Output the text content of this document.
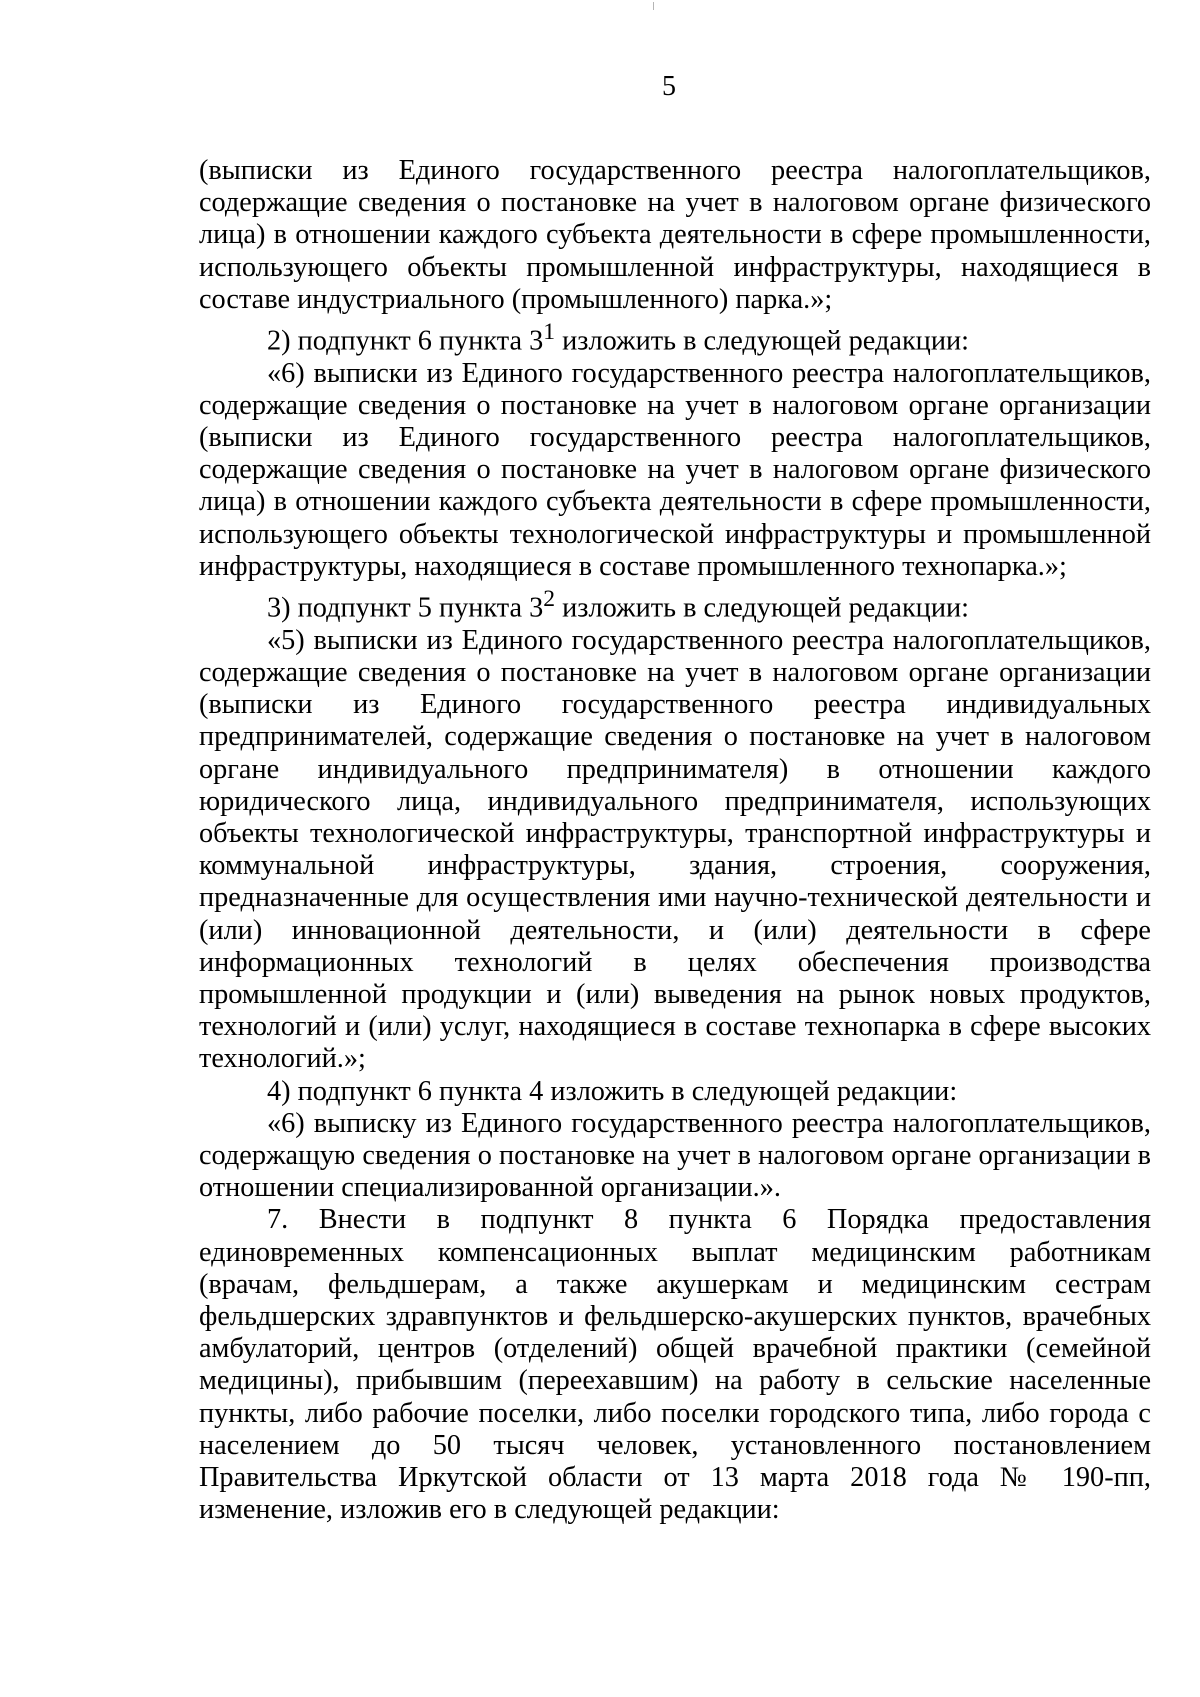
5

(выписки из Единого государственного реестра налогоплательщиков, содержащие сведения о постановке на учет в налоговом органе физического лица) в отношении каждого субъекта деятельности в сфере промышленности, использующего объекты промышленной инфраструктуры, находящиеся в составе индустриального (промышленного) парка.»;

2) подпункт 6 пункта $3^1$ изложить в следующей редакции:

«6) выписки из Единого государственного реестра налогоплательщиков, содержащие сведения о постановке на учет в налоговом органе организации (выписки из Единого государственного реестра налогоплательщиков, содержащие сведения о постановке на учет в налоговом органе физического лица) в отношении каждого субъекта деятельности в сфере промышленности, использующего объекты технологической инфраструктуры и промышленной инфраструктуры, находящиеся в составе промышленного технопарка.»;

3) подпункт 5 пункта $3^2$ изложить в следующей редакции:

«5) выписки из Единого государственного реестра налогоплательщиков, содержащие сведения о постановке на учет в налоговом органе организации (выписки из Единого государственного реестра индивидуальных предпринимателей, содержащие сведения о постановке на учет в налоговом органе индивидуального предпринимателя) в отношении каждого юридического лица, индивидуального предпринимателя, использующих объекты технологической инфраструктуры, транспортной инфраструктуры и коммунальной инфраструктуры, здания, строения, сооружения, предназначенные для осуществления ими научно-технической деятельности и (или) инновационной деятельности, и (или) деятельности в сфере информационных технологий в целях обеспечения производства промышленной продукции и (или) выведения на рынок новых продуктов, технологий и (или) услуг, находящиеся в составе технопарка в сфере высоких технологий.»;

4) подпункт 6 пункта 4 изложить в следующей редакции:

«6) выписку из Единого государственного реестра налогоплательщиков, содержащую сведения о постановке на учет в налоговом органе организации в отношении специализированной организации.».

7. Внести в подпункт 8 пункта 6 Порядка предоставления единовременных компенсационных выплат медицинским работникам (врачам, фельдшерам, а также акушеркам и медицинским сестрам фельдшерских здравпунктов и фельдшерско-акушерских пунктов, врачебных амбулаторий, центров (отделений) общей врачебной практики (семейной медицины), прибывшим (переехавшим) на работу в сельские населенные пункты, либо рабочие поселки, либо поселки городского типа, либо города с населением до 50 тысяч человек, установленного постановлением Правительства Иркутской области от 13 марта 2018 года № 190-пп, изменение, изложив его в следующей редакции:
